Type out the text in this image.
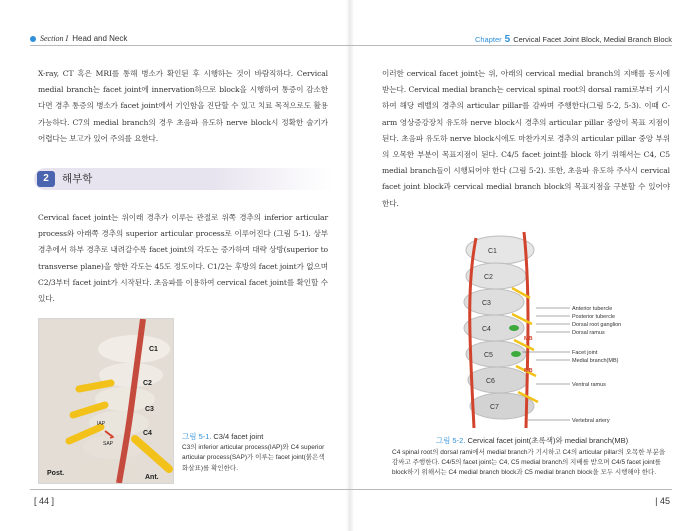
Section I Head and Neck
X-ray, CT 혹은 MRI를 통해 병소가 확인된 후 시행하는 것이 바람직하다. Cervical medial branch는 facet joint에 innervation하므로 block을 시행하여 통증이 감소한다면 경추 통증의 병소가 facet joint에서 기인함을 진단할 수 있고 치료 목적으로도 활용 가능하다. C7의 medial branch의 경우 초음파 유도하 nerve block시 정확한 술기가 어렵다는 보고가 있어 주의를 요한다.
2	해부학
Cervical facet joint는 위이래 경추가 이루는 관절로 위쪽 경추의 inferior articular process와 아래쪽 경추의 superior articular process로 이루어진다 (그림 5-1). 상부 경추에서 하부 경추로 내려갈수록 facet joint의 각도는 증가하며 대략 상방(superior to transverse plane)을 향한 각도는 45도 정도이다. C1/2는 후방의 facet joint가 없으며 C2/3부터 facet joint가 시작된다. 초음파를 이용하여 cervical facet joint를 확인할 수 있다.
C1
C2
C3
C4
IAP
SAP
Post.
Ant.
그림 5-1. C3/4 facet joint
C3의 inferior articular process(IAP)와 C4 superior articular process(SAP)가 이루는 facet joint(붉은색 화살표)를 확인한다.
[ 44 ]
Chapter 5 Cervical Facet Joint Block, Medial Branch Block
이러한 cervical facet joint는 위, 아래의 cervical medial branch의 지배를 동시에 받는다. Cervical medial branch는 cervical spinal root의 dorsal rami로부터 기시하여 해당 레벨의 경추의 articular pillar를 감싸며 주행한다(그림 5-2, 5-3). 이때 C-arm 영상증강장치 유도하 nerve block시 경추의 articular pillar 중앙이 목표 지점이 된다. 초음파 유도하 nerve block시에도 마찬가지로 경추의 articular pillar 중앙 부위의 오목한 부분이 목표지점이 된다. C4/5 facet joint를 block 하기 위해서는 C4, C5 medial branch들이 시행되어야 한다 (그림 5-2). 또한, 초음파 유도하 주사시 cervical facet joint block과 cervical medial branch block의 목표지점을 구분할 수 있어야 한다.
C1
C2
C3
C4
C5
C6
C7
MB
MB
Anterior tubercle
Posterior tubercle
Dorsal root ganglion
Dorsal ramus
Facet joint
Medial branch(MB)
Ventral ramus
Vertebral artery
그림 5-2. Cervical facet joint(초록색)와 medial branch(MB)
C4 spinal root의 dorsal rami에서 medial branch가 기시하고 C4의 articular pillar의 오목한 부분을 감싸고 주행한다. C4/5의 facet joint는 C4, C5 medial branch의 지배를 받으며 C4/5 facet joint를 block하기 위해서는 C4 medial branch block과 C5 medial branch block을 모두 시행해야 한다.
| 45
